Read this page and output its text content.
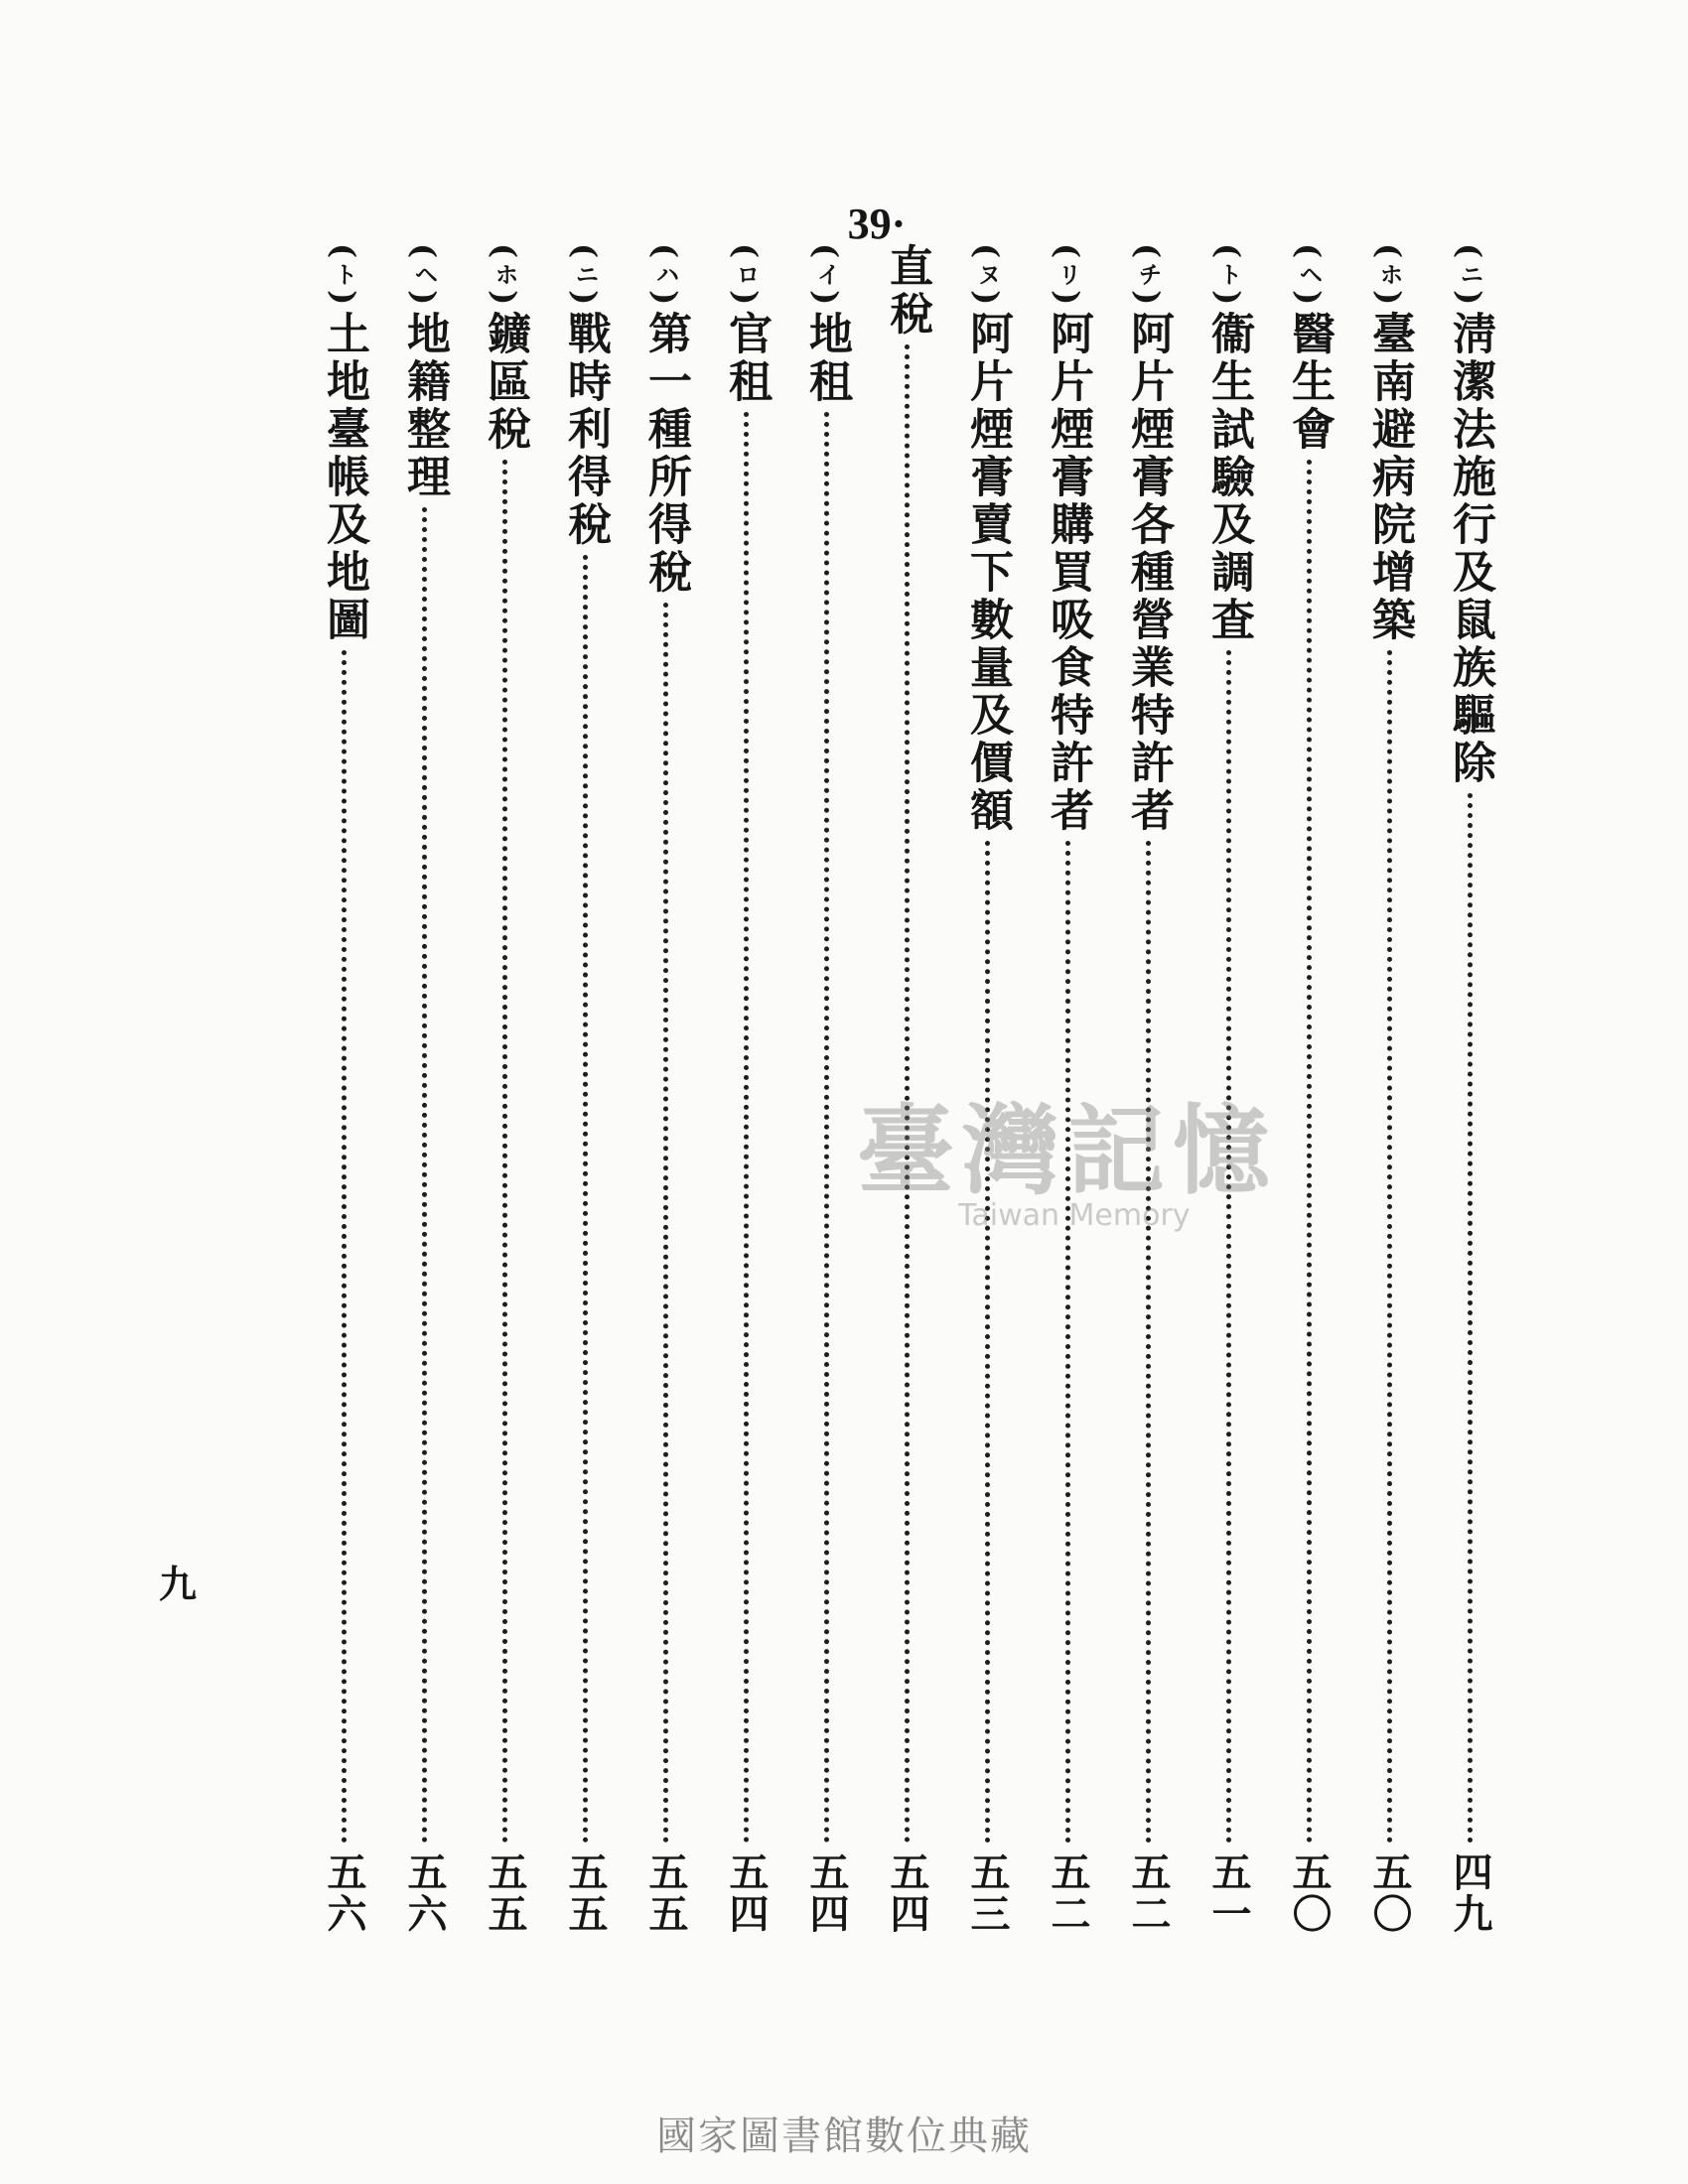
39·
九
(ニ)
淸潔法施行及鼠族驅除
四九
(ホ)
臺南避病院增築
五〇
(ヘ)
醫生會
五〇
(ト)
衞生試驗及調査
五一
(チ)
阿片煙膏各種營業特許者
五二
(リ)
阿片煙膏購買吸食特許者
五二
(ヌ)
阿片煙膏賣下數量及價額
五三
直稅
五四
(イ)
地租
五四
(ロ)
官租
五四
(ハ)
第一種所得稅
五五
(ニ)
戰時利得稅
五五
(ホ)
鑛區稅
五五
(ヘ)
地籍整理
五六
(ト)
土地臺帳及地圖
五六
臺灣記憶
Taiwan Memory
國家圖書館數位典藏
